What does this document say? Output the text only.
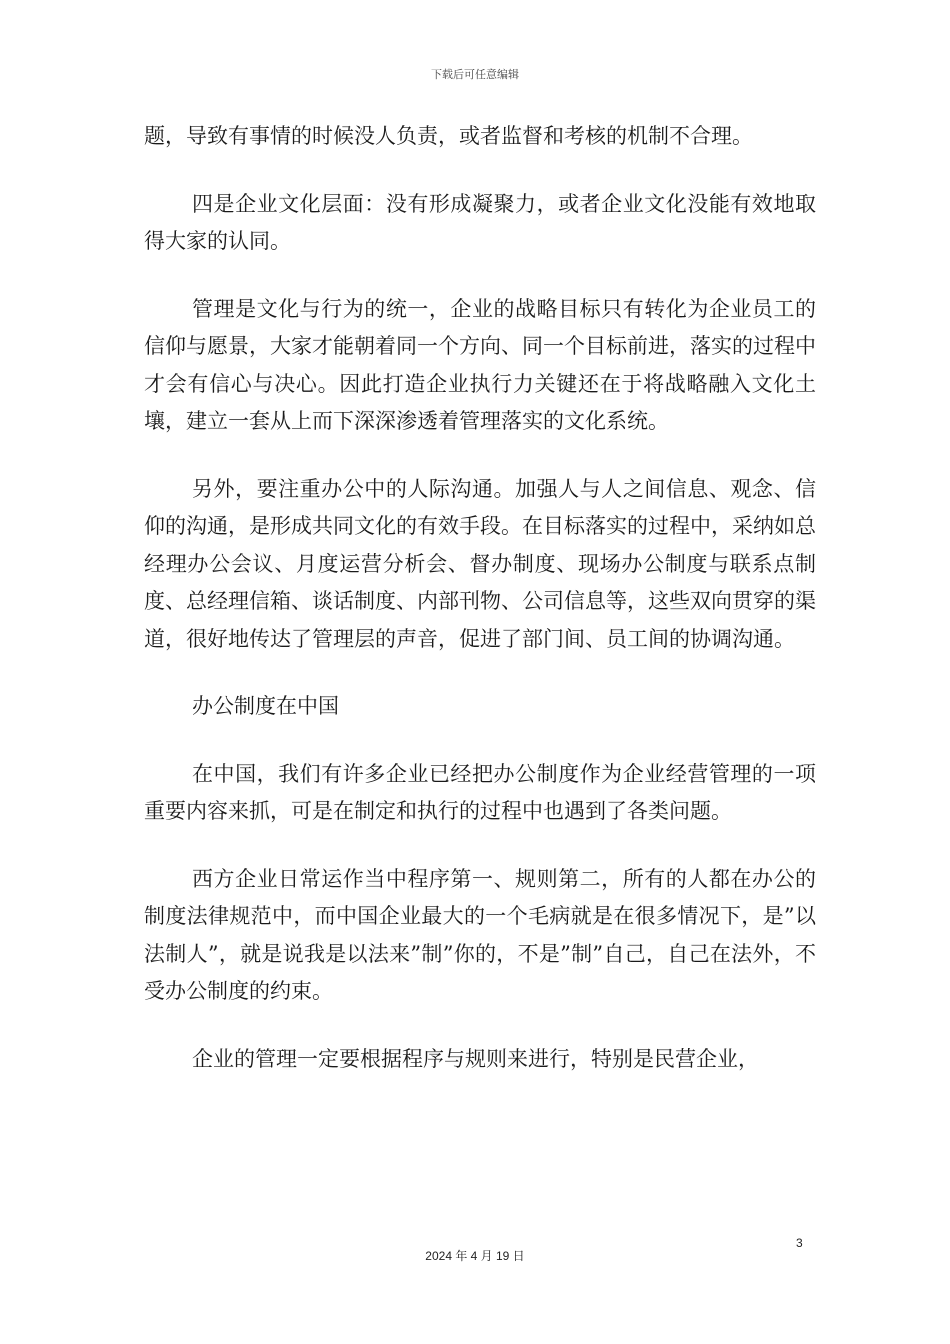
下载后可任意编辑

题，导致有事情的时候没人负责，或者监督和考核的机制不合理。

四是企业文化层面：没有形成凝聚力，或者企业文化没能有效地取得大家的认同。

管理是文化与行为的统一，企业的战略目标只有转化为企业员工的信仰与愿景，大家才能朝着同一个方向、同一个目标前进，落实的过程中才会有信心与决心。因此打造企业执行力关键还在于将战略融入文化土壤，建立一套从上而下深深渗透着管理落实的文化系统。

另外，要注重办公中的人际沟通。加强人与人之间信息、观念、信仰的沟通，是形成共同文化的有效手段。在目标落实的过程中，采纳如总经理办公会议、月度运营分析会、督办制度、现场办公制度与联系点制度、总经理信箱、谈话制度、内部刊物、公司信息等，这些双向贯穿的渠道，很好地传达了管理层的声音，促进了部门间、员工间的协调沟通。

办公制度在中国

在中国，我们有许多企业已经把办公制度作为企业经营管理的一项重要内容来抓，可是在制定和执行的过程中也遇到了各类问题。

西方企业日常运作当中程序第一、规则第二，所有的人都在办公的制度法律规范中，而中国企业最大的一个毛病就是在很多情况下，是”以法制人”，就是说我是以法来”制”你的，不是”制”自己，自己在法外，不受办公制度的约束。

企业的管理一定要根据程序与规则来进行，特别是民营企业，

3
2024 年 4 月 19 日
